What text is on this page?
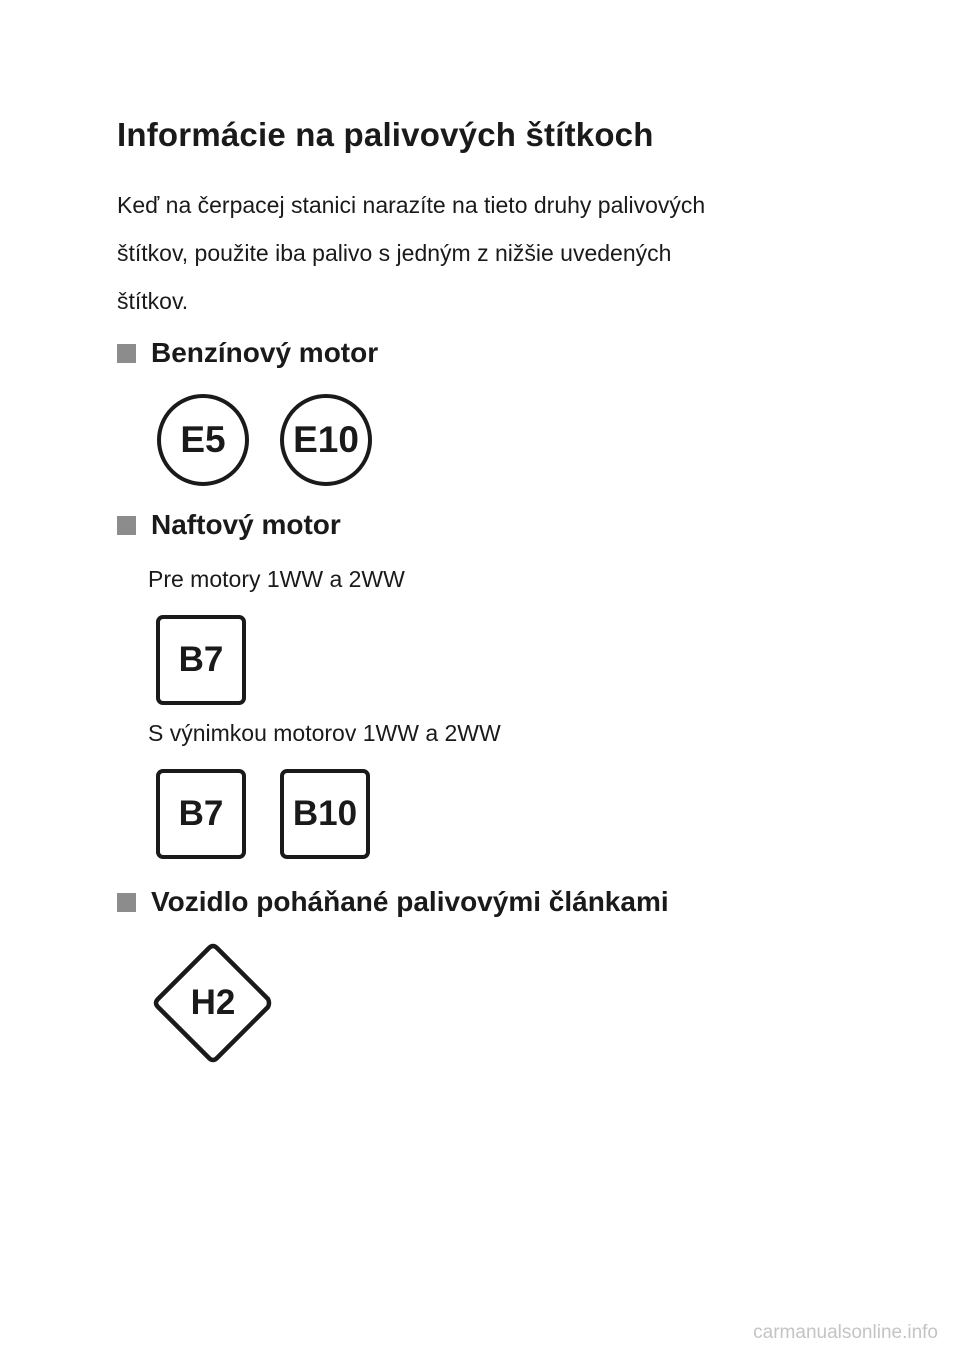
Informácie na palivových štítkoch
Keď na čerpacej stanici narazíte na tieto druhy palivových
štítkov, použite iba palivo s jedným z nižšie uvedených
štítkov.
Benzínový motor
E5 E10
Naftový motor
Pre motory 1WW a 2WW
B7
S výnimkou motorov 1WW a 2WW
B7 B10
Vozidlo poháňané palivovými článkami
H2
carmanualsonline.info
